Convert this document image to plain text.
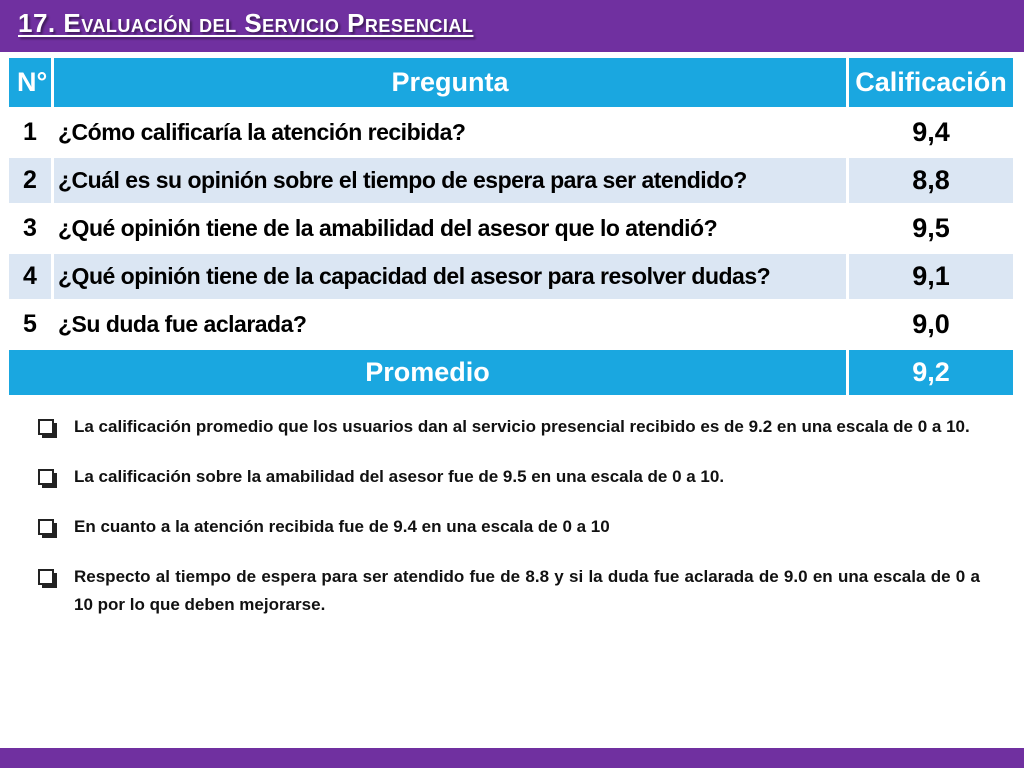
17. Evaluación del Servicio Presencial
N°	Pregunta	Calificación
1	¿Cómo calificaría la atención recibida?	9,4
2	¿Cuál es su opinión sobre el tiempo de espera para ser atendido?	8,8
3	¿Qué opinión tiene de la amabilidad del asesor que lo atendió?	9,5
4	¿Qué opinión tiene de la capacidad del asesor para resolver dudas?	9,1
5	¿Su duda fue aclarada?	9,0
Promedio		9,2
La calificación promedio que los usuarios dan al servicio presencial recibido es de 9.2 en una escala de 0 a 10.
La calificación sobre la amabilidad del asesor fue de 9.5 en una escala de 0 a 10.
En cuanto a la atención recibida fue de 9.4 en una escala de 0 a 10
Respecto al tiempo de espera para ser atendido fue de 8.8 y si la duda fue aclarada de 9.0 en una escala de 0 a 10 por lo que deben mejorarse.
